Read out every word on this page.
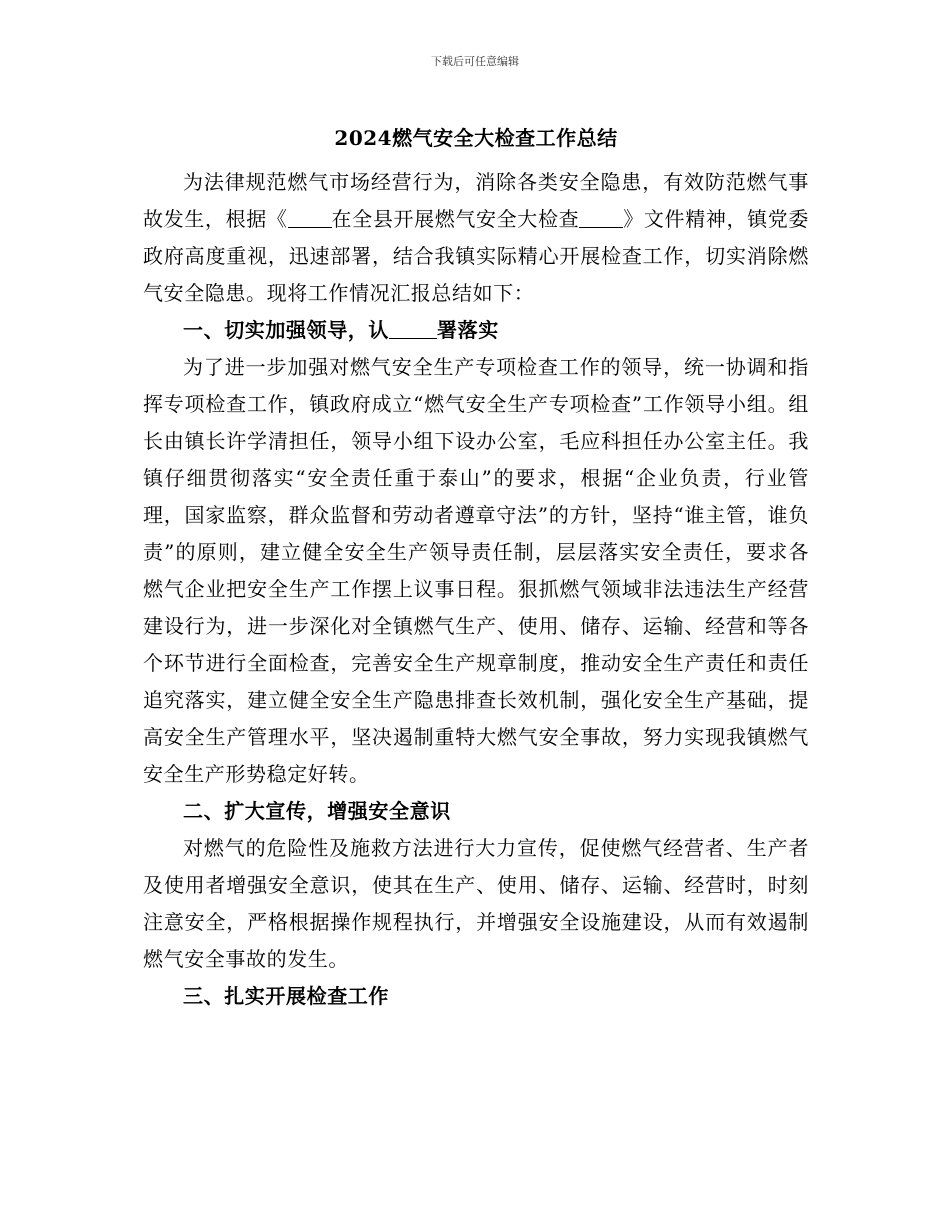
下载后可任意编辑
2024燃气安全大检查工作总结

为法律规范燃气市场经营行为，消除各类安全隐患，有效防范燃气事故发生，根据《 在全县开展燃气安全大检查 》文件精神，镇党委政府高度重视，迅速部署，结合我镇实际精心开展检查工作，切实消除燃气安全隐患。现将工作情况汇报总结如下：

一、切实加强领导，认 署落实

为了进一步加强对燃气安全生产专项检查工作的领导，统一协调和指挥专项检查工作，镇政府成立“燃气安全生产专项检查”工作领导小组。组长由镇长许学清担任，领导小组下设办公室，毛应科担任办公室主任。我镇仔细贯彻落实“安全责任重于泰山”的要求，根据“企业负责，行业管理，国家监察，群众监督和劳动者遵章守法”的方针，坚持“谁主管，谁负责”的原则，建立健全安全生产领导责任制，层层落实安全责任，要求各燃气企业把安全生产工作摆上议事日程。狠抓燃气领域非法违法生产经营建设行为，进一步深化对全镇燃气生产、使用、储存、运输、经营和等各个环节进行全面检查，完善安全生产规章制度，推动安全生产责任和责任追究落实，建立健全安全生产隐患排查长效机制，强化安全生产基础，提高安全生产管理水平，坚决遏制重特大燃气安全事故，努力实现我镇燃气安全生产形势稳定好转。

二、扩大宣传，增强安全意识

对燃气的危险性及施救方法进行大力宣传，促使燃气经营者、生产者及使用者增强安全意识，使其在生产、使用、储存、运输、经营时，时刻注意安全，严格根据操作规程执行，并增强安全设施建设，从而有效遏制燃气安全事故的发生。

三、扎实开展检查工作
